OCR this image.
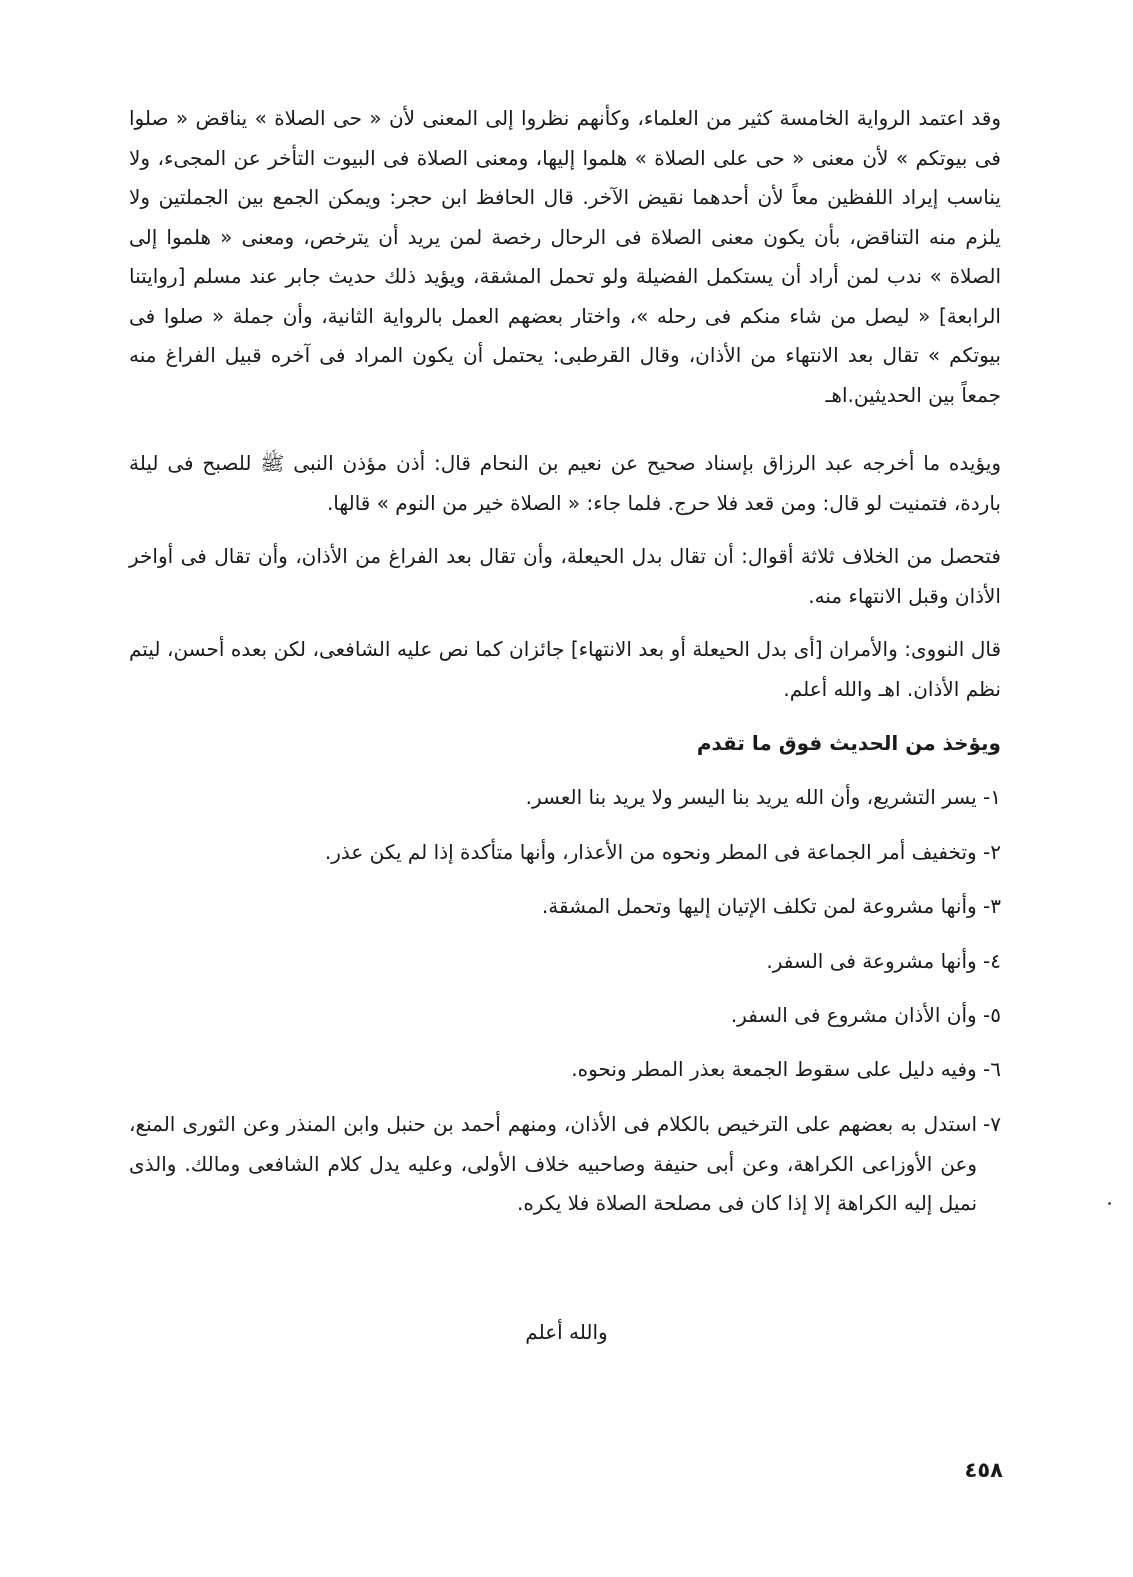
وقد اعتمد الرواية الخامسة كثير من العلماء، وكأنهم نظروا إلى المعنى لأن « حى الصلاة » يناقض « صلوا فى بيوتكم » لأن معنى « حى على الصلاة » هلموا إليها، ومعنى الصلاة فى البيوت التأخر عن المجىء، ولا يناسب إيراد اللفظين معاً لأن أحدهما نقيض الآخر. قال الحافظ ابن حجر: ويمكن الجمع بين الجملتين ولا يلزم منه التناقض، بأن يكون معنى الصلاة فى الرحال رخصة لمن يريد أن يترخص، ومعنى « هلموا إلى الصلاة » ندب لمن أراد أن يستكمل الفضيلة ولو تحمل المشقة، ويؤيد ذلك حديث جابر عند مسلم [روايتنا الرابعة] « ليصل من شاء منكم فى رحله »، واختار بعضهم العمل بالرواية الثانية، وأن جملة « صلوا فى بيوتكم » تقال بعد الانتهاء من الأذان، وقال القرطبى: يحتمل أن يكون المراد فى آخره قبيل الفراغ منه جمعاً بين الحديثين.اهـ

ويؤيده ما أخرجه عبد الرزاق بإسناد صحيح عن نعيم بن النحام قال: أذن مؤذن النبى ﷺ للصبح فى ليلة باردة، فتمنيت لو قال: ومن قعد فلا حرج. فلما جاء: « الصلاة خير من النوم » قالها.

فتحصل من الخلاف ثلاثة أقوال: أن تقال بدل الحيعلة، وأن تقال بعد الفراغ من الأذان، وأن تقال فى أواخر الأذان وقبل الانتهاء منه.

قال النووى: والأمران [أى بدل الحيعلة أو بعد الانتهاء] جائزان كما نص عليه الشافعى، لكن بعده أحسن، ليتم نظم الأذان. اهـ والله أعلم.

ويؤخذ من الحديث فوق ما تقدم
١- يسر التشريع، وأن الله يريد بنا اليسر ولا يريد بنا العسر.
٢- وتخفيف أمر الجماعة فى المطر ونحوه من الأعذار، وأنها متأكدة إذا لم يكن عذر.
٣- وأنها مشروعة لمن تكلف الإتيان إليها وتحمل المشقة.
٤- وأنها مشروعة فى السفر.
٥- وأن الأذان مشروع فى السفر.
٦- وفيه دليل على سقوط الجمعة بعذر المطر ونحوه.
٧-
استدل به بعضهم على الترخيص بالكلام فى الأذان، ومنهم أحمد بن حنبل وابن المنذر وعن الثورى المنع، وعن الأوزاعى الكراهة، وعن أبى حنيفة وصاحبيه خلاف الأولى، وعليه يدل كلام الشافعى ومالك. والذى نميل إليه الكراهة إلا إذا كان فى مصلحة الصلاة فلا يكره.
والله أعلم
٤٥٨
